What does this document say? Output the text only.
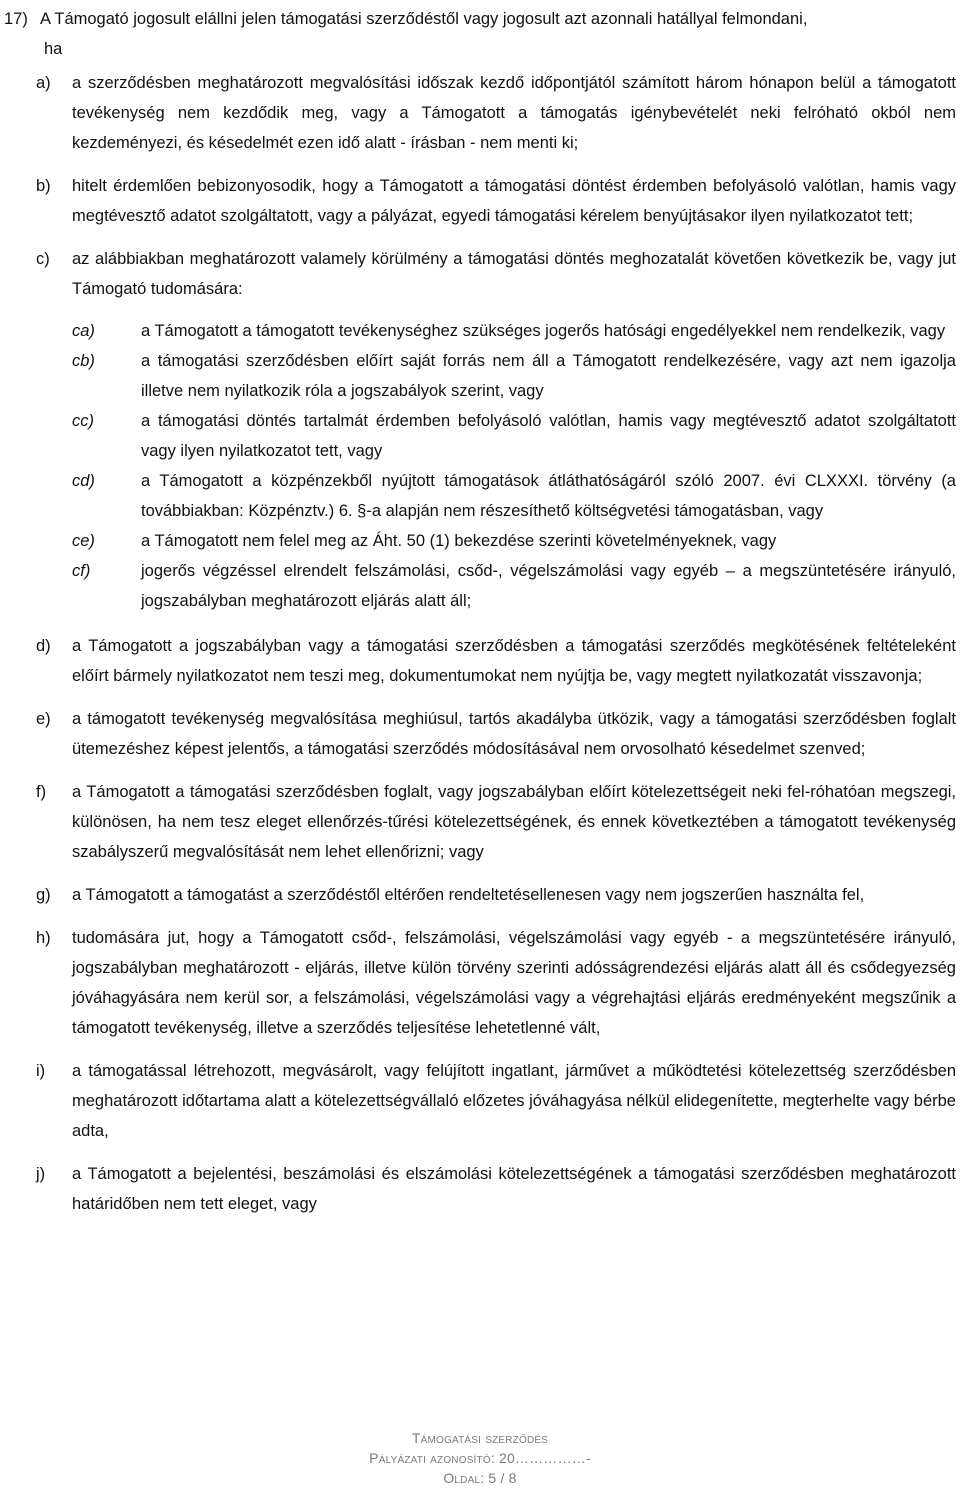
17) A Támogató jogosult elállni jelen támogatási szerződéstől vagy jogosult azt azonnali hatállyal felmondani,
ha
a)	a szerződésben meghatározott megvalósítási időszak kezdő időpontjától számított három hónapon belül a támogatott tevékenység nem kezdődik meg, vagy a Támogatott a támogatás igénybevételét neki felróható okból nem kezdeményezi, és késedelmét ezen idő alatt - írásban - nem menti ki;
b)	hitelt érdemlően bebizonyosodik, hogy a Támogatott a támogatási döntést érdemben befolyásoló valótlan, hamis vagy megtévesztő adatot szolgáltatott, vagy a pályázat, egyedi támogatási kérelem benyújtásakor ilyen nyilatkozatot tett;
c)	az alábbiakban meghatározott valamely körülmény a támogatási döntés meghozatalát követően következik be, vagy jut Támogató tudomására:
ca)	a Támogatott a támogatott tevékenységhez szükséges jogerős hatósági engedélyekkel nem rendelkezik, vagy
cb)	a támogatási szerződésben előírt saját forrás nem áll a Támogatott rendelkezésére, vagy azt nem igazolja illetve nem nyilatkozik róla a jogszabályok szerint, vagy
cc)	a támogatási döntés tartalmát érdemben befolyásoló valótlan, hamis vagy megtévesztő adatot szolgáltatott vagy ilyen nyilatkozatot tett, vagy
cd)	a Támogatott a közpénzekből nyújtott támogatások átláthatóságáról szóló 2007. évi CLXXXI. törvény (a továbbiakban: Közpénztv.) 6. §-a alapján nem részesíthető költségvetési támogatásban, vagy
ce)	a Támogatott nem felel meg az Áht. 50 (1) bekezdése szerinti követelményeknek, vagy
cf)	jogerős végzéssel elrendelt felszámolási, csőd-, végelszámolási vagy egyéb – a megszüntetésére irányuló, jogszabályban meghatározott eljárás alatt áll;
d)	a Támogatott a jogszabályban vagy a támogatási szerződésben a támogatási szerződés megkötésének feltételeként előírt bármely nyilatkozatot nem teszi meg, dokumentumokat nem nyújtja be, vagy megtett nyilatkozatát visszavonja;
e)	a támogatott tevékenység megvalósítása meghiúsul, tartós akadályba ütközik, vagy a támogatási szerződésben foglalt ütemezéshez képest jelentős, a támogatási szerződés módosításával nem orvosolható késedelmet szenved;
f)	a Támogatott a támogatási szerződésben foglalt, vagy jogszabályban előírt kötelezettségeit neki fel-róhatóan megszegi, különösen, ha nem tesz eleget ellenőrzés-tűrési kötelezettségének, és ennek következtében a támogatott tevékenység szabályszerű megvalósítását nem lehet ellenőrizni; vagy
g)	a Támogatott a támogatást a szerződéstől eltérően rendeltetésellenesen vagy nem jogszerűen használta fel,
h)	tudomására jut, hogy a Támogatott csőd-, felszámolási, végelszámolási vagy egyéb - a megszüntetésére irányuló, jogszabályban meghatározott - eljárás, illetve külön törvény szerinti adósságrendezési eljárás alatt áll és csődegyezség jóváhagyására nem kerül sor, a felszámolási, végelszámolási vagy a végrehajtási eljárás eredményeként megszűnik a támogatott tevékenység, illetve a szerződés teljesítése lehetetlenné vált,
i)	a támogatással létrehozott, megvásárolt, vagy felújított ingatlant, járművet a működtetési kötelezettség szerződésben meghatározott időtartama alatt a kötelezettségvállaló előzetes jóváhagyása nélkül elidegenítette, megterhelte vagy bérbe adta,
j)	a Támogatott a bejelentési, beszámolási és elszámolási kötelezettségének a támogatási szerződésben meghatározott határidőben nem tett eleget, vagy
Támogatási szerződés
Pályázati azonosító: 20……………-
Oldal: 5 / 8
